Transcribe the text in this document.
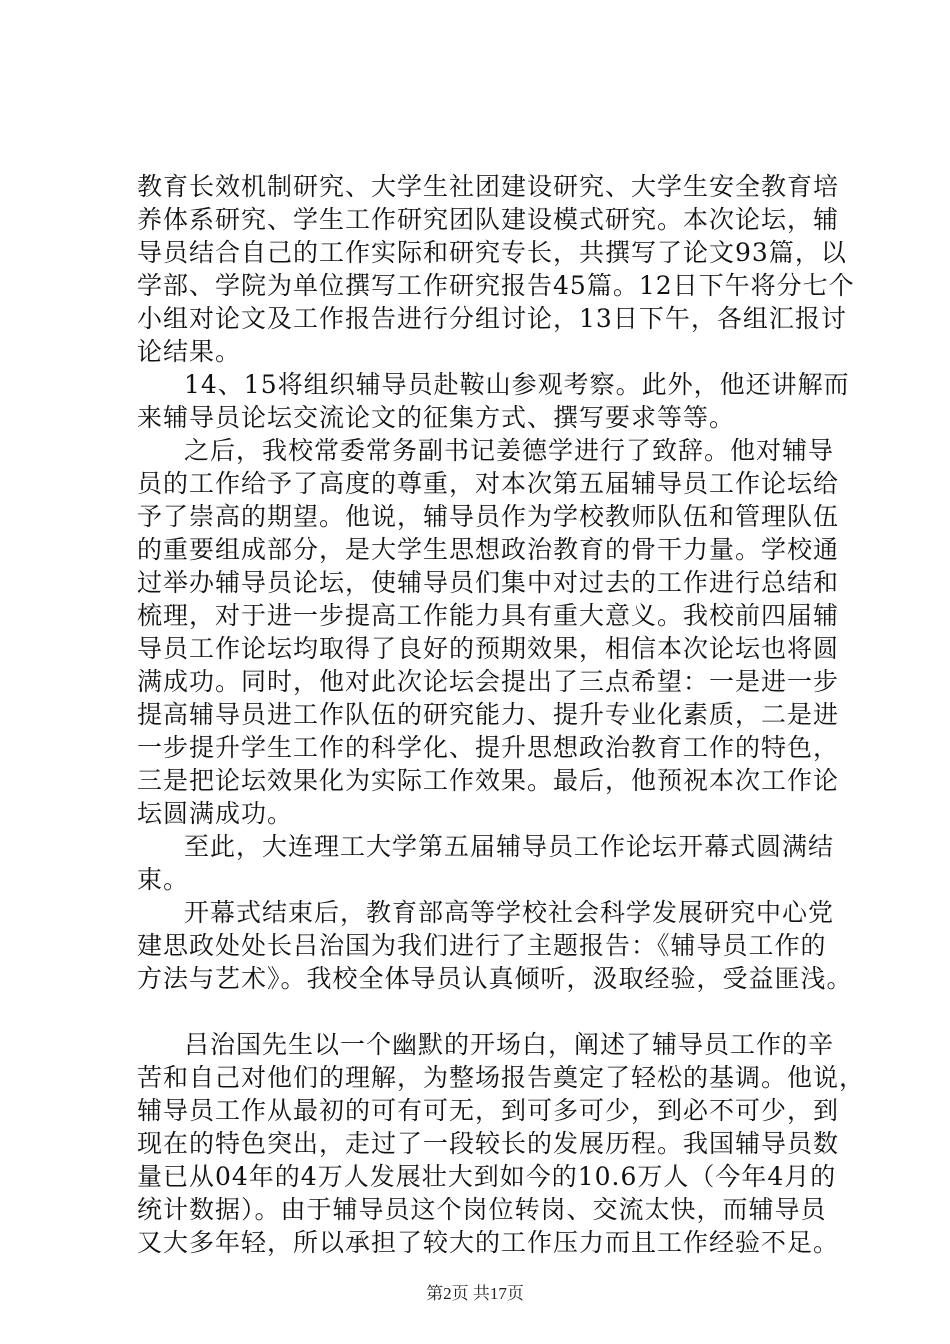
教育长效机制研究、大学生社团建设研究、大学生安全教育培
养体系研究、学生工作研究团队建设模式研究。本次论坛，辅
导员结合自己的工作实际和研究专长，共撰写了论文93篇，以
学部、学院为单位撰写工作研究报告45篇。12日下午将分七个
小组对论文及工作报告进行分组讨论，13日下午，各组汇报讨
论结果。
14、15将组织辅导员赴鞍山参观考察。此外，他还讲解而
来辅导员论坛交流论文的征集方式、撰写要求等等。
之后，我校常委常务副书记姜德学进行了致辞。他对辅导
员的工作给予了高度的尊重，对本次第五届辅导员工作论坛给
予了崇高的期望。他说，辅导员作为学校教师队伍和管理队伍
的重要组成部分，是大学生思想政治教育的骨干力量。学校通
过举办辅导员论坛，使辅导员们集中对过去的工作进行总结和
梳理，对于进一步提高工作能力具有重大意义。我校前四届辅
导员工作论坛均取得了良好的预期效果，相信本次论坛也将圆
满成功。同时，他对此次论坛会提出了三点希望：一是进一步
提高辅导员进工作队伍的研究能力、提升专业化素质，二是进
一步提升学生工作的科学化、提升思想政治教育工作的特色，
三是把论坛效果化为实际工作效果。最后，他预祝本次工作论
坛圆满成功。
至此，大连理工大学第五届辅导员工作论坛开幕式圆满结
束。
开幕式结束后，教育部高等学校社会科学发展研究中心党
建思政处处长吕治国为我们进行了主题报告：《辅导员工作的
方法与艺术》。我校全体导员认真倾听，汲取经验，受益匪浅。
吕治国先生以一个幽默的开场白，阐述了辅导员工作的辛
苦和自己对他们的理解，为整场报告奠定了轻松的基调。他说，
辅导员工作从最初的可有可无，到可多可少，到必不可少，到
现在的特色突出，走过了一段较长的发展历程。我国辅导员数
量已从04年的4万人发展壮大到如今的10.6万人（今年4月的
统计数据）。由于辅导员这个岗位转岗、交流太快，而辅导员
又大多年轻，所以承担了较大的工作压力而且工作经验不足。
第2页 共17页
